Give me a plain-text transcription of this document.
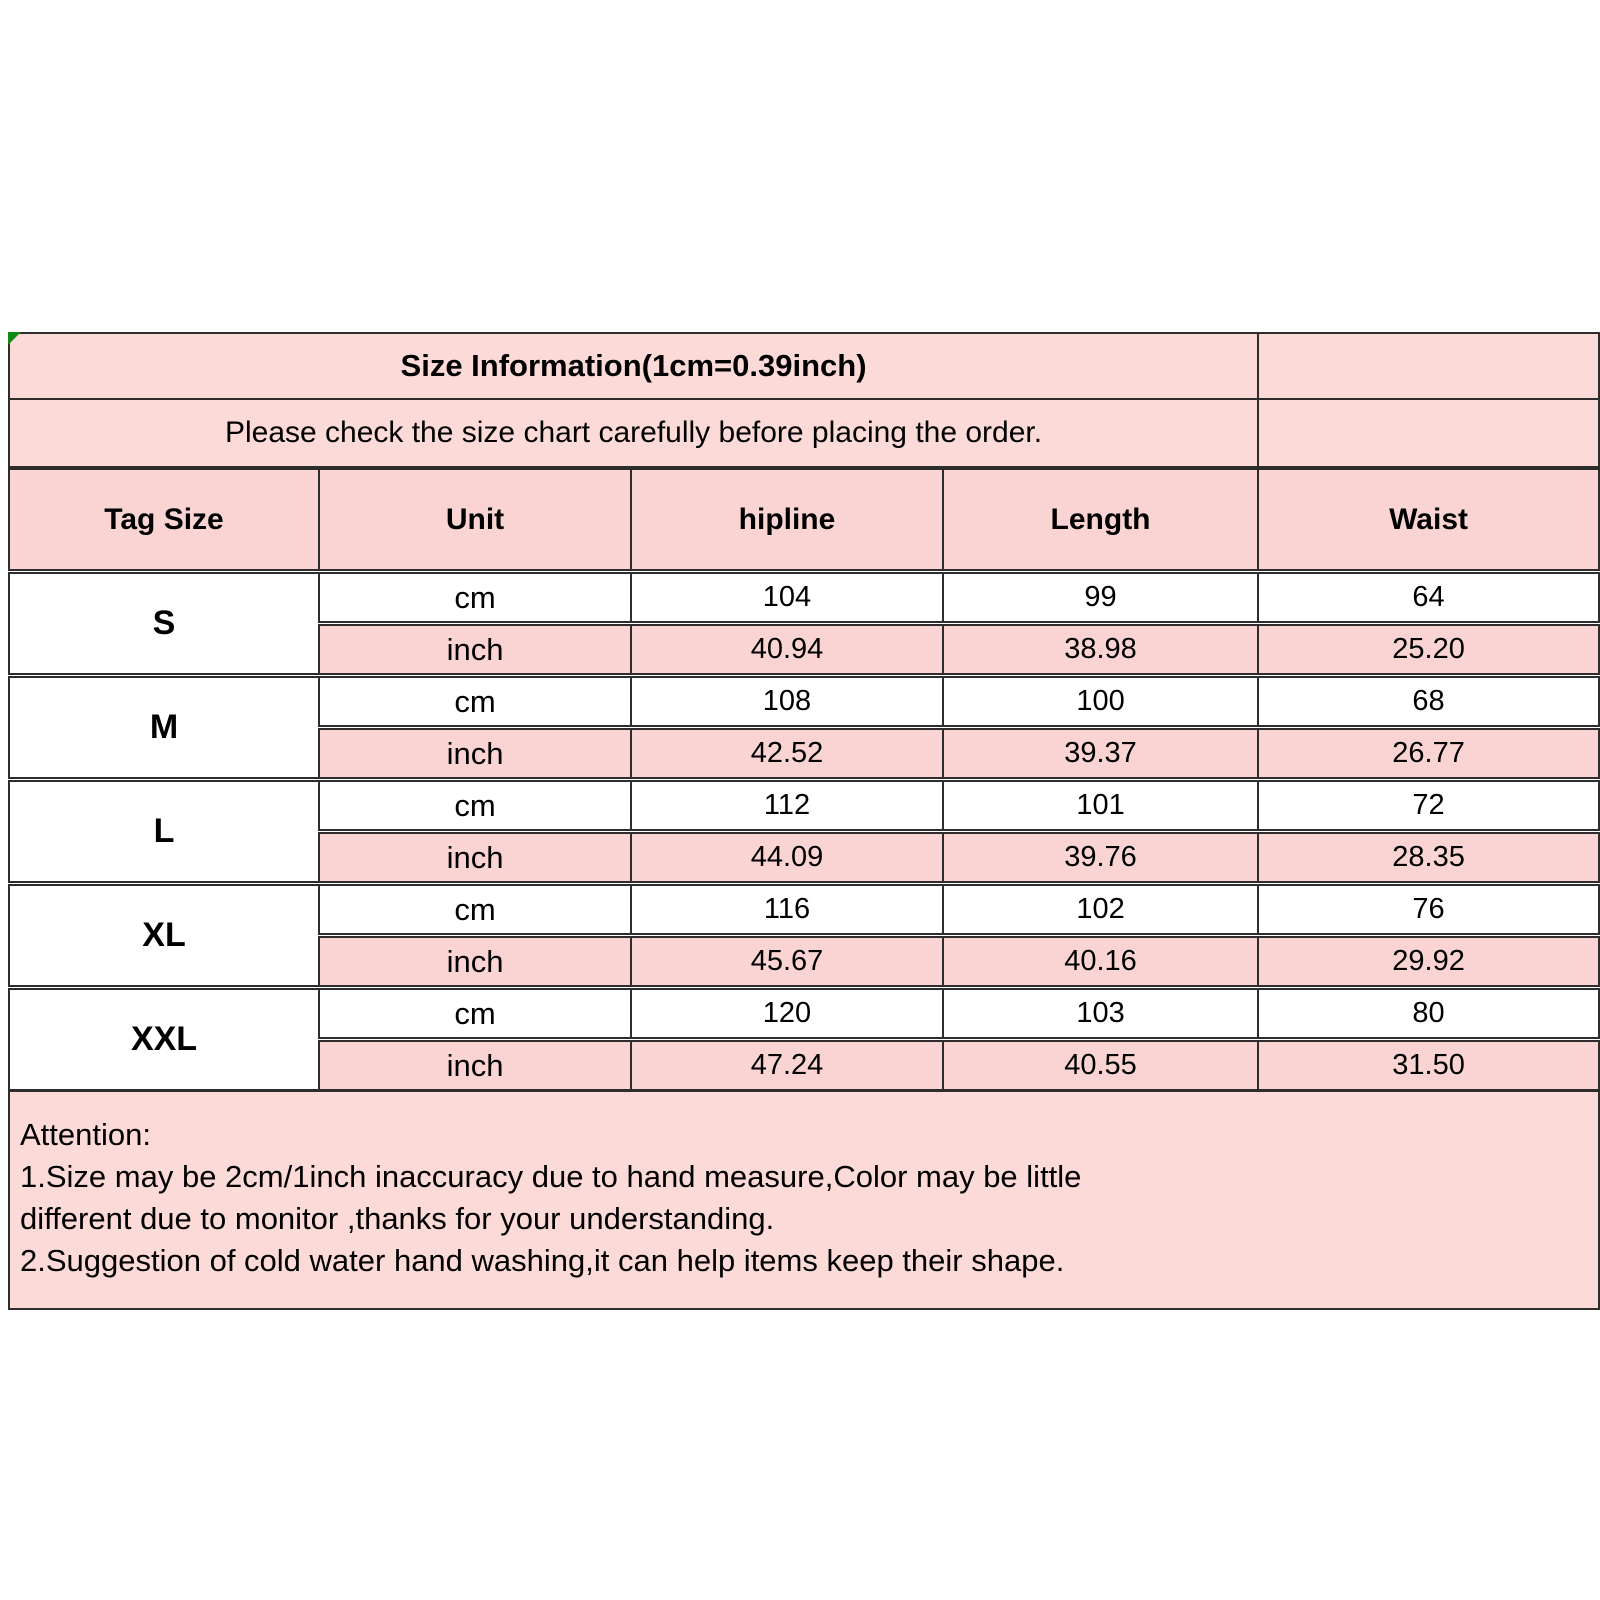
Size Information(1cm=0.39inch)				
Please check the size chart carefully before placing the order.				
Tag Size	Unit	hipline	Length	Waist
S	cm	104	99	64
	inch	40.94	38.98	25.20
M	cm	108	100	68
	inch	42.52	39.37	26.77
L	cm	112	101	72
	inch	44.09	39.76	28.35
XL	cm	116	102	76
	inch	45.67	40.16	29.92
XXL	cm	120	103	80
	inch	47.24	40.55	31.50

Attention:
1.Size may be 2cm/1inch inaccuracy due to hand measure,Color may be little
different due to monitor ,thanks for your understanding.
2.Suggestion of cold water hand washing,it can help items keep their shape.				
